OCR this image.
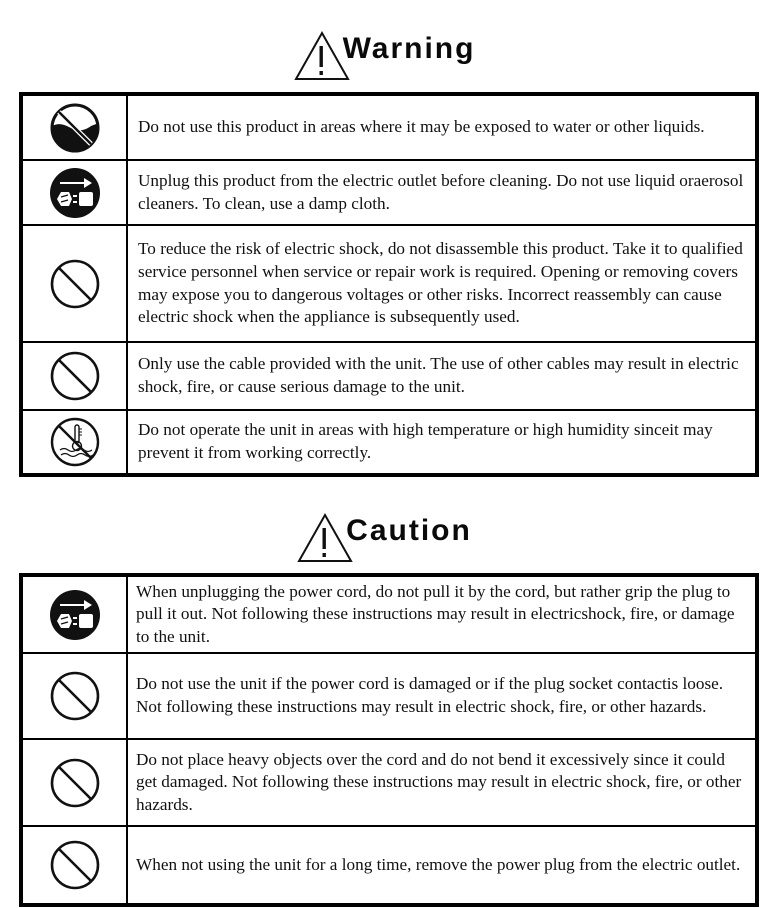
Warning
	Do not use this product in areas where it may be exposed to water or other liquids.

	Unplug this product from the electric outlet before cleaning. Do not use liquid oraerosol cleaners. To clean, use a damp cloth.

	To reduce the risk of electric shock, do not disassemble this product. Take it to qualified service personnel when service or repair work is required. Opening or removing covers may expose you to dangerous voltages or other risks. Incorrect reassembly can cause electric shock when the appliance is subsequently used.

	Only use the cable provided with the unit. The use of other cables may result in electric shock, fire, or cause serious damage to the unit.

	Do not operate the unit in areas with high temperature or high humidity sinceit may prevent it from working correctly.
Caution
	When unplugging the power cord, do not pull it by the cord, but rather grip the plug to pull it out. Not following these instructions may result in electricshock, fire, or damage to the unit.

	Do not use the unit if the power cord is damaged or if the plug socket contactis loose. Not following these instructions may result in electric shock, fire, or other hazards.

	Do not place heavy objects over the cord and do not bend it excessively since it could get damaged. Not following these instructions may result in electric shock, fire, or other hazards.

	When not using the unit for a long time, remove the power plug from the electric outlet.
